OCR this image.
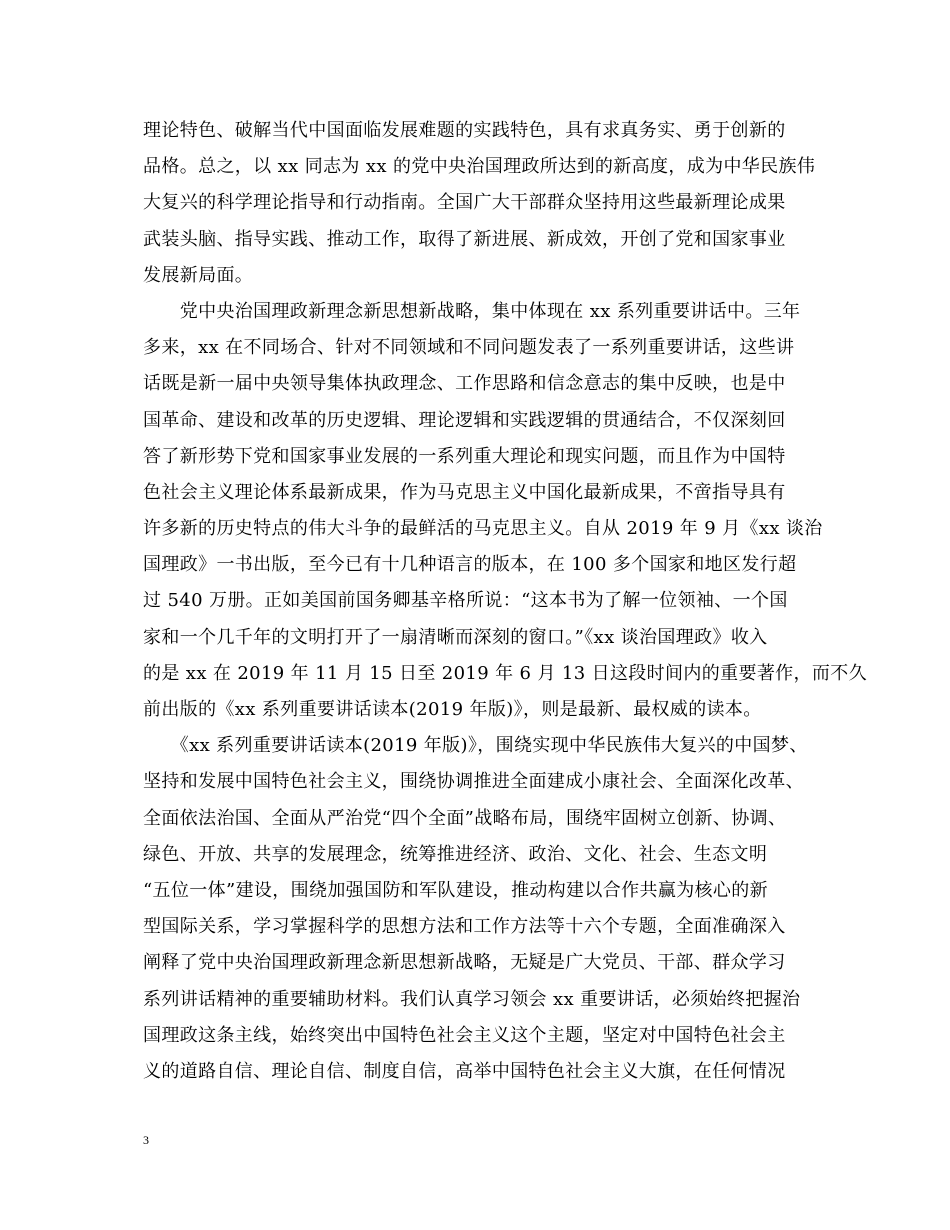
理论特色、破解当代中国面临发展难题的实践特色，具有求真务实、勇于创新的
品格。总之，以 xx 同志为 xx 的党中央治国理政所达到的新高度，成为中华民族伟
大复兴的科学理论指导和行动指南。全国广大干部群众坚持用这些最新理论成果
武装头脑、指导实践、推动工作，取得了新进展、新成效，开创了党和国家事业
发展新局面。
　　党中央治国理政新理念新思想新战略，集中体现在 xx 系列重要讲话中。三年
多来，xx 在不同场合、针对不同领域和不同问题发表了一系列重要讲话，这些讲
话既是新一届中央领导集体执政理念、工作思路和信念意志的集中反映，也是中
国革命、建设和改革的历史逻辑、理论逻辑和实践逻辑的贯通结合，不仅深刻回
答了新形势下党和国家事业发展的一系列重大理论和现实问题，而且作为中国特
色社会主义理论体系最新成果，作为马克思主义中国化最新成果，不啻指导具有
许多新的历史特点的伟大斗争的最鲜活的马克思主义。自从 2019 年 9 月《xx 谈治
国理政》一书出版，至今已有十几种语言的版本，在 100 多个国家和地区发行超
过 540 万册。正如美国前国务卿基辛格所说：“这本书为了解一位领袖、一个国
家和一个几千年的文明打开了一扇清晰而深刻的窗口。”《xx 谈治国理政》收入
的是 xx 在 2019 年 11 月 15 日至 2019 年 6 月 13 日这段时间内的重要著作，而不久
前出版的《xx 系列重要讲话读本(2019 年版)》，则是最新、最权威的读本。
　　《xx 系列重要讲话读本(2019 年版)》，围绕实现中华民族伟大复兴的中国梦、
坚持和发展中国特色社会主义，围绕协调推进全面建成小康社会、全面深化改革、
全面依法治国、全面从严治党“四个全面”战略布局，围绕牢固树立创新、协调、
绿色、开放、共享的发展理念，统筹推进经济、政治、文化、社会、生态文明
“五位一体”建设，围绕加强国防和军队建设，推动构建以合作共赢为核心的新
型国际关系，学习掌握科学的思想方法和工作方法等十六个专题，全面准确深入
阐释了党中央治国理政新理念新思想新战略，无疑是广大党员、干部、群众学习
系列讲话精神的重要辅助材料。我们认真学习领会 xx 重要讲话，必须始终把握治
国理政这条主线，始终突出中国特色社会主义这个主题，坚定对中国特色社会主
义的道路自信、理论自信、制度自信，高举中国特色社会主义大旗，在任何情况
3
